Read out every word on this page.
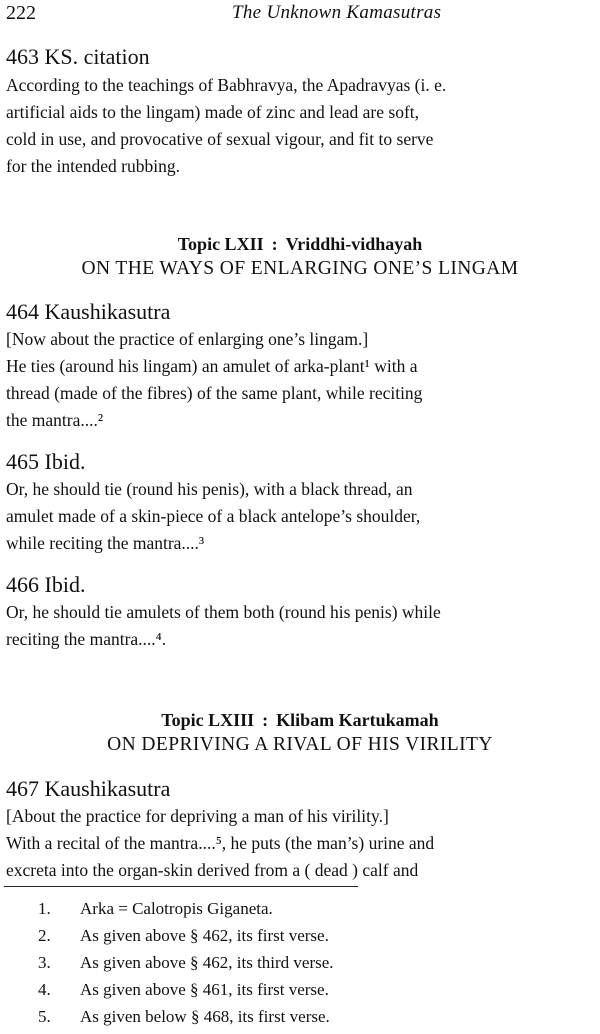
222	The Unknown Kamasutras
463 KS. citation

According to the teachings of Babhravya, the Apadravyas (i. e.

artificial aids to the lingam) made of zinc and lead are soft,

cold in use, and provocative of sexual vigour, and fit to serve

for the intended rubbing.

Topic LXII : Vriddhi-vidhayah
ON THE WAYS OF ENLARGING ONE’S LINGAM
464 Kaushikasutra

[Now about the practice of enlarging one’s lingam.]

He ties (around his lingam) an amulet of arka-plant¹ with a

thread (made of the fibres) of the same plant, while reciting

the mantra....²

465 Ibid.

Or, he should tie (round his penis), with a black thread, an

amulet made of a skin-piece of a black antelope’s shoulder,

while reciting the mantra....³

466 Ibid.

Or, he should tie amulets of them both (round his penis) while

reciting the mantra....⁴.

Topic LXIII : Klibam Kartukamah
ON DEPRIVING A RIVAL OF HIS VIRILITY
467 Kaushikasutra

[About the practice for depriving a man of his virility.]

With a recital of the mantra....⁵, he puts (the man’s) urine and

excreta into the organ-skin derived from a ( dead ) calf and

1. Arka = Calotropis Giganeta.
2. As given above § 462, its first verse.
3. As given above § 462, its third verse.
4. As given above § 461, its first verse.
5. As given below § 468, its first verse.
